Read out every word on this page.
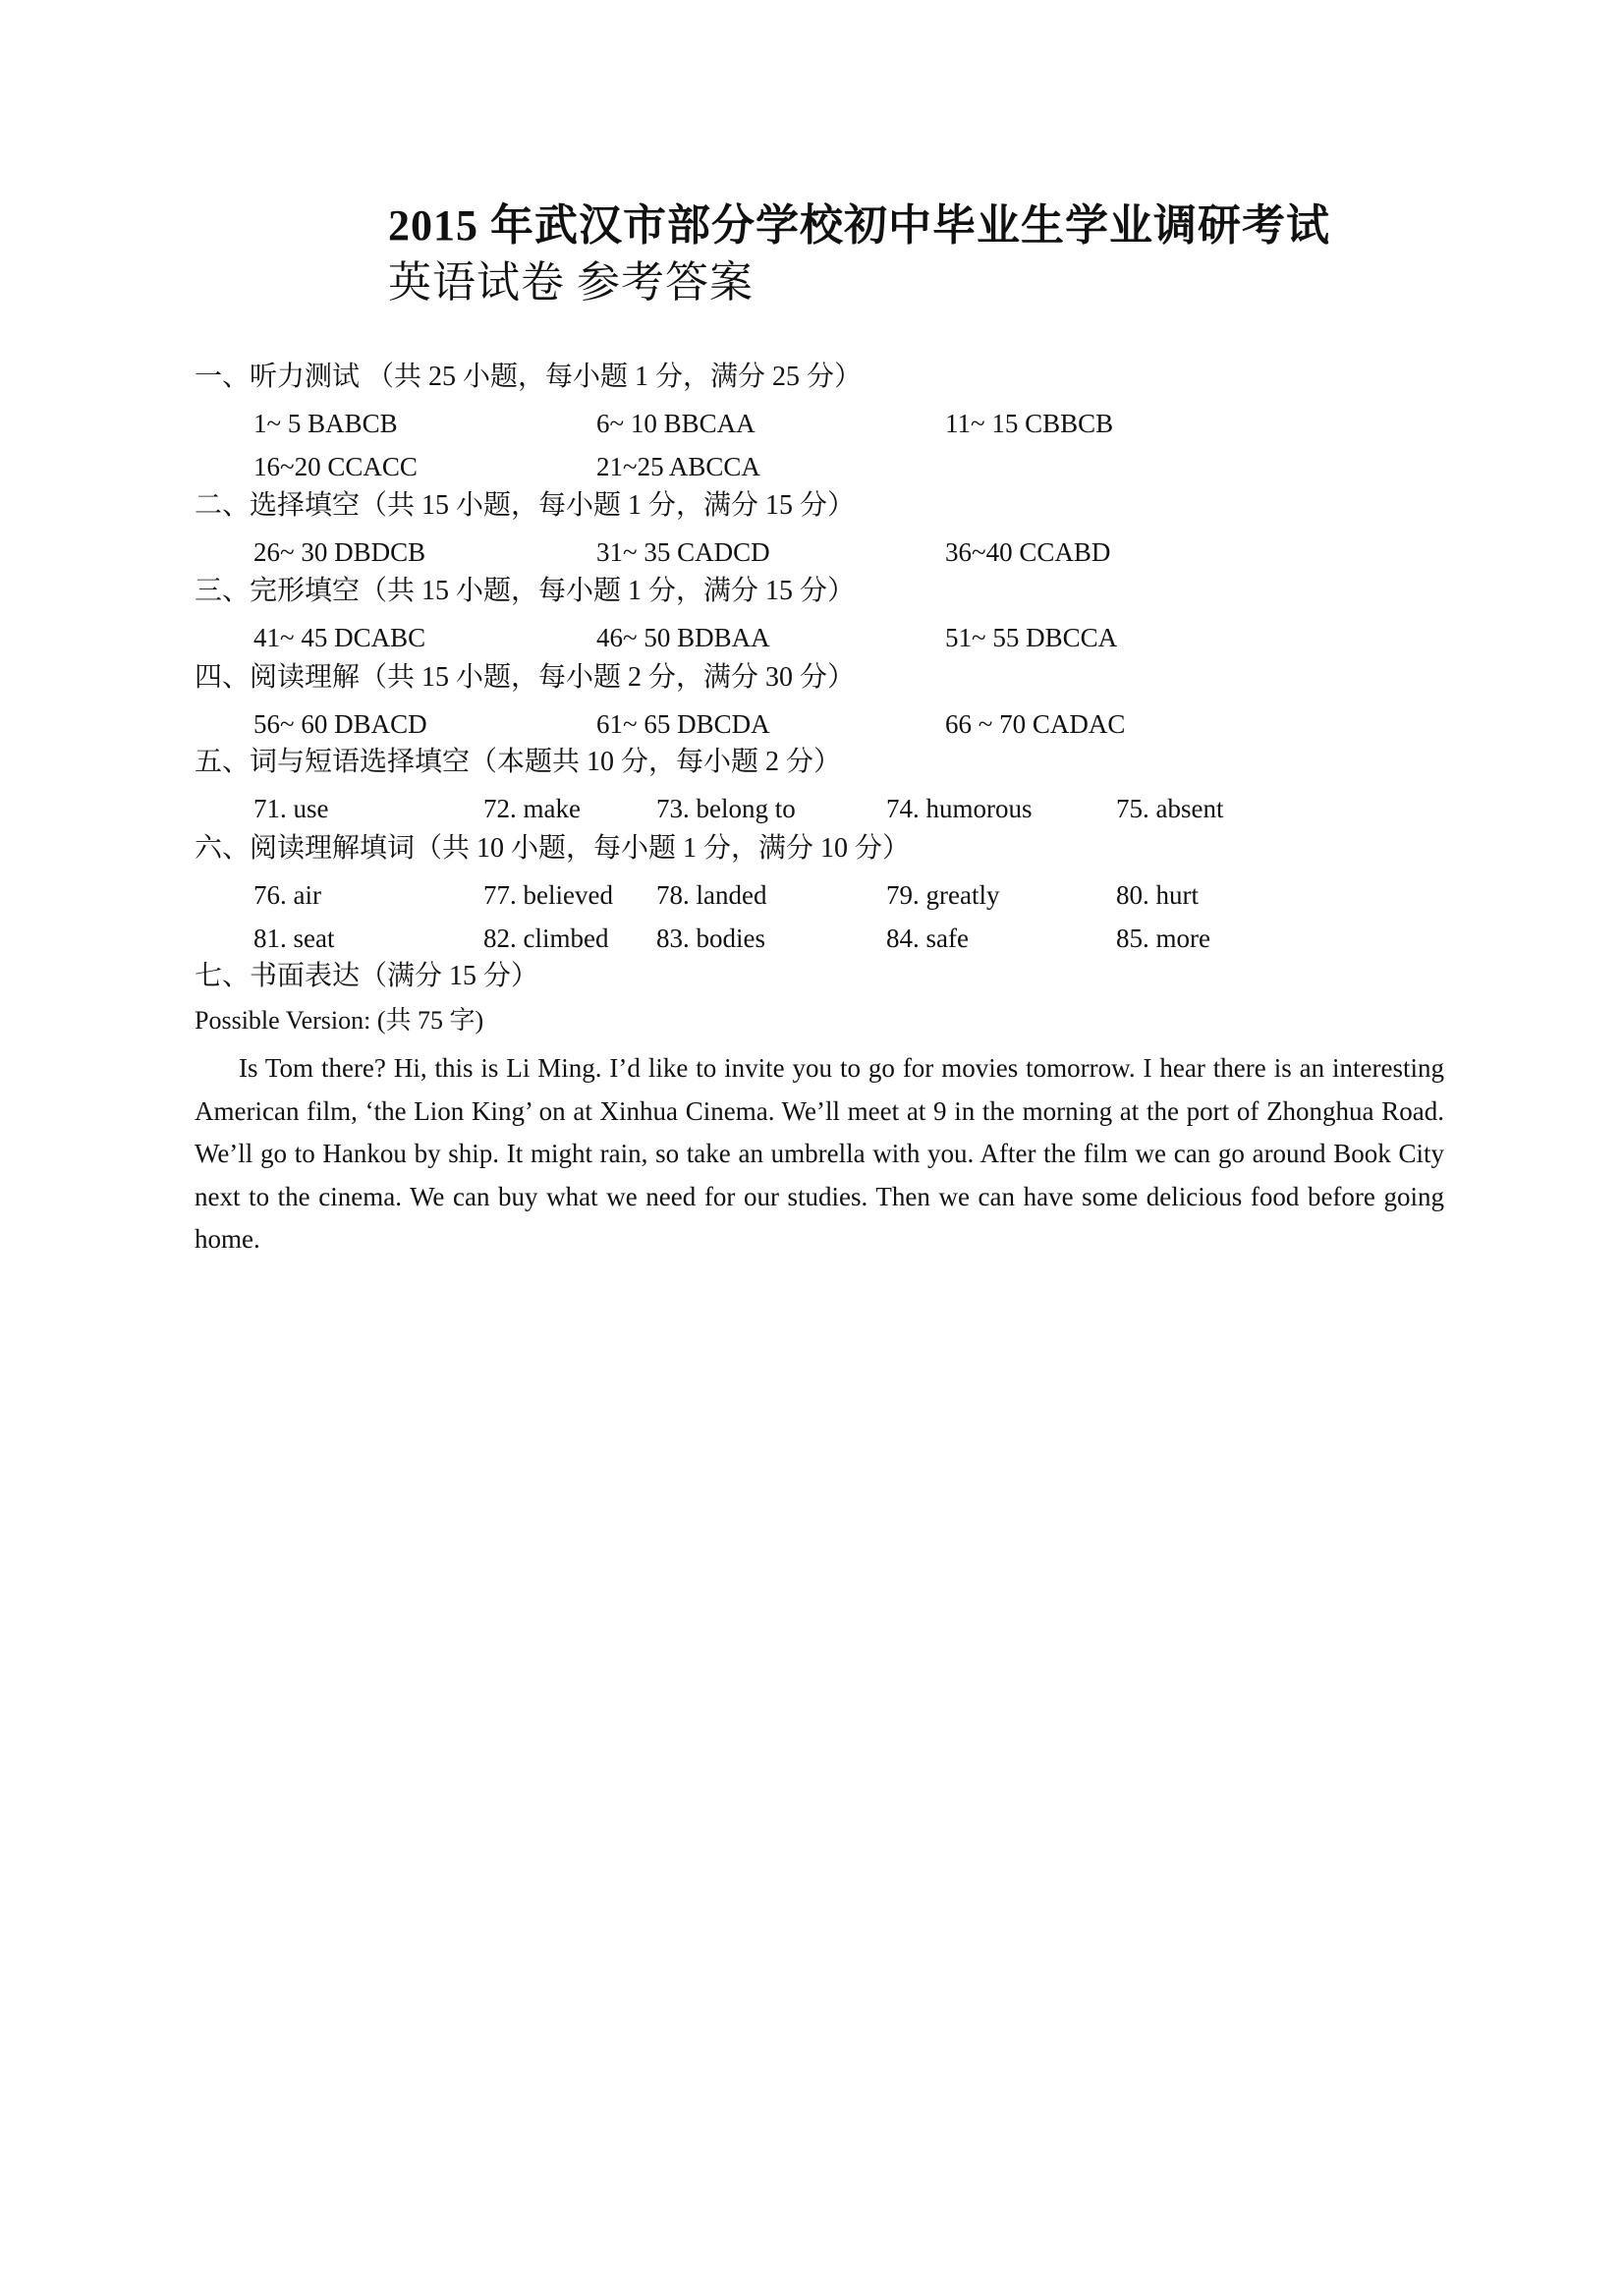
2015 年武汉市部分学校初中毕业生学业调研考试
英语试卷 参考答案
一、听力测试 （共 25 小题，每小题 1 分，满分 25 分）
1~ 5 BABCB	6~ 10 BBCAA	11~ 15 CBBCB
16~20 CCACC	21~25 ABCCA
二、选择填空（共 15 小题，每小题 1 分，满分 15 分）
26~ 30 DBDCB	31~ 35 CADCD	36~40 CCABD
三、完形填空（共 15 小题，每小题 1 分，满分 15 分）
41~ 45 DCABC	46~ 50 BDBAA	51~ 55 DBCCA
四、阅读理解（共 15 小题，每小题 2 分，满分 30 分）
56~ 60 DBACD	61~ 65 DBCDA	66 ~ 70 CADAC
五、词与短语选择填空（本题共 10 分，每小题 2 分）
71. use	72. make	73. belong to	74. humorous	75. absent
六、阅读理解填词（共 10 小题，每小题 1 分，满分 10 分）
76. air	77. believed 78. landed	79. greatly	80. hurt
81. seat	82. climbed 83. bodies	84. safe	85. more
七、书面表达（满分 15 分）
Possible Version: (共 75 字)
Is Tom there? Hi, this is Li Ming. I’d like to invite you to go for movies tomorrow. I hear there is an interesting American film, ‘the Lion King’ on at Xinhua Cinema. We’ll meet at 9 in the morning at the port of Zhonghua Road. We’ll go to Hankou by ship. It might rain, so take an umbrella with you. After the film we can go around Book City next to the cinema. We can buy what we need for our studies. Then we can have some delicious food before going home.
